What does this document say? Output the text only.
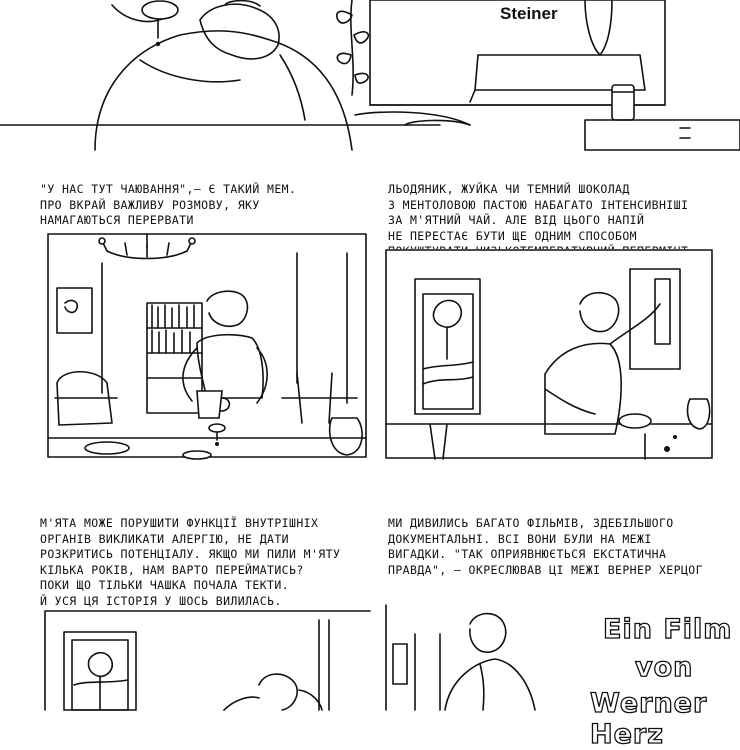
Steiner
"У НАС ТУТ ЧАЮВАННЯ",— Є ТАКИЙ МЕМ.
ПРО ВКРАЙ ВАЖЛИВУ РОЗМОВУ, ЯКУ
НАМАГАЮТЬСЯ ПЕРЕРВАТИ
ЛЬОДЯНИК, ЖУЙКА ЧИ ТЕМНИЙ ШОКОЛАД
З МЕНТОЛОВОЮ ПАСТОЮ НАБАГАТО ІНТЕНСИВНІШІ
ЗА М'ЯТНИЙ ЧАЙ. АЛЕ ВІД ЦЬОГО НАПІЙ
НЕ ПЕРЕСТАЄ БУТИ ЩЕ ОДНИМ СПОСОБОМ

М'ЯТА МОЖЕ ПОРУШИТИ ФУНКЦІЇ ВНУТРІШНІХ
ОРГАНІВ ВИКЛИКАТИ АЛЕРГІЮ, НЕ ДАТИ
РОЗКРИТИСЬ ПОТЕНЦІАЛУ. ЯКЩО МИ ПИЛИ М'ЯТУ
КІЛЬКА РОКІВ, НАМ ВАРТО ПЕРЕЙМАТИСЬ?
ПОКИ ЩО ТІЛЬКИ ЧАШКА ПОЧАЛА ТЕКТИ.
Й УСЯ ЦЯ ІСТОРІЯ У ШОСЬ ВИЛИЛАСЬ.
МИ ДИВИЛИСЬ БАГАТО ФІЛЬМІВ, ЗДЕБІЛЬШОГО
ДОКУМЕНТАЛЬНІ. ВСІ ВОНИ БУЛИ НА МЕЖІ
ВИГАДКИ. "ТАК ОПРИЯВНЮЄТЬСЯ ЕКСТАТИЧНА
ПРАВДА", — ОКРЕСЛЮВАВ ЦІ МЕЖІ ВЕРНЕР ХЕРЦОГ
Ein Film
von
Werner Herz
